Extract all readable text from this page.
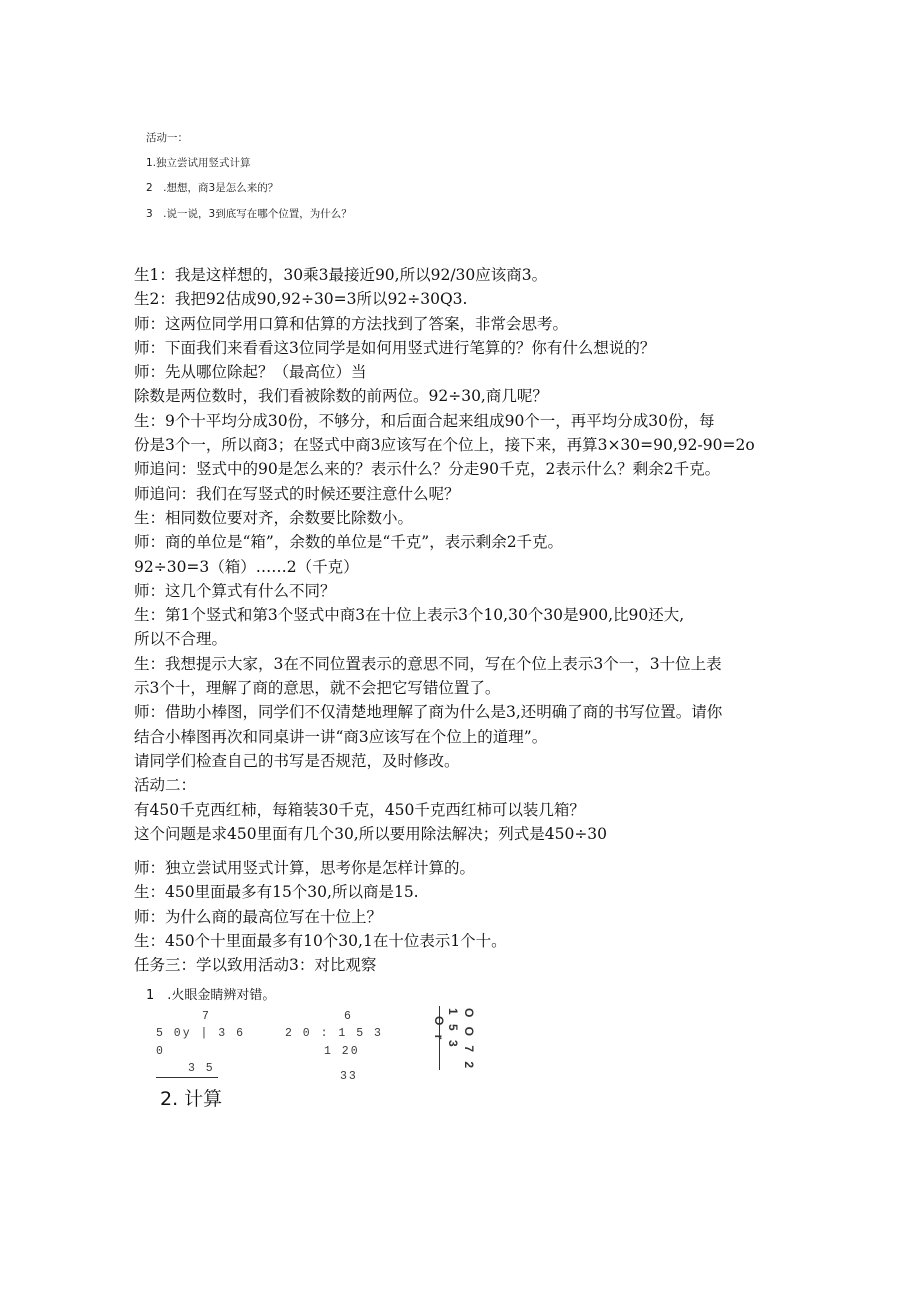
活动一：
1.独立尝试用竖式计算
2　.想想，商3是怎么来的？
3　.说一说，3到底写在哪个位置，为什么？
生1：我是这样想的，30乘3最接近90,所以92/30应该商3。
生2：我把92估成90,92÷30=3所以92÷30Q3.
师：这两位同学用口算和估算的方法找到了答案，非常会思考。
师：下面我们来看看这3位同学是如何用竖式进行笔算的？你有什么想说的？
师：先从哪位除起？（最高位）当
除数是两位数时，我们看被除数的前两位。92÷30,商几呢？
生：9个十平均分成30份，不够分，和后面合起来组成90个一，再平均分成30份，每
份是3个一，所以商3；在竖式中商3应该写在个位上，接下来，再算3×30=90,92-90=2o
师追问：竖式中的90是怎么来的？表示什么？分走90千克，2表示什么？剩余2千克。
师追问：我们在写竖式的时候还要注意什么呢？
生：相同数位要对齐，余数要比除数小。
师：商的单位是“箱”，余数的单位是“千克”，表示剩余2千克。
92÷30=3（箱）……2（千克）
师：这几个算式有什么不同？
生：第1个竖式和第3个竖式中商3在十位上表示3个10,30个30是900,比90还大,
所以不合理。
生：我想提示大家，3在不同位置表示的意思不同，写在个位上表示3个一，3十位上表
示3个十，理解了商的意思，就不会把它写错位置了。
师：借助小棒图，同学们不仅清楚地理解了商为什么是3,还明确了商的书写位置。请你
结合小棒图再次和同桌讲一讲“商3应该写在个位上的道理”。
请同学们检查自己的书写是否规范，及时修改。
活动二：
有450千克西红柿，每箱装30千克，450千克西红柿可以装几箱？
这个问题是求450里面有几个30,所以要用除法解决；列式是450÷30
师：独立尝试用竖式计算，思考你是怎样计算的。
生：450里面最多有15个30,所以商是15.
师：为什么商的最高位写在十位上？
生：450个十里面最多有10个30,1在十位表示1个十。
任务三：学以致用活动3：对比观察
1　.火眼金睛辨对错。
7
5 0y | 3 6
0
3 5
6
2 0 : 1 5 3
1 20
33
O O 7 2
1 5 3
O r
2. 计算
